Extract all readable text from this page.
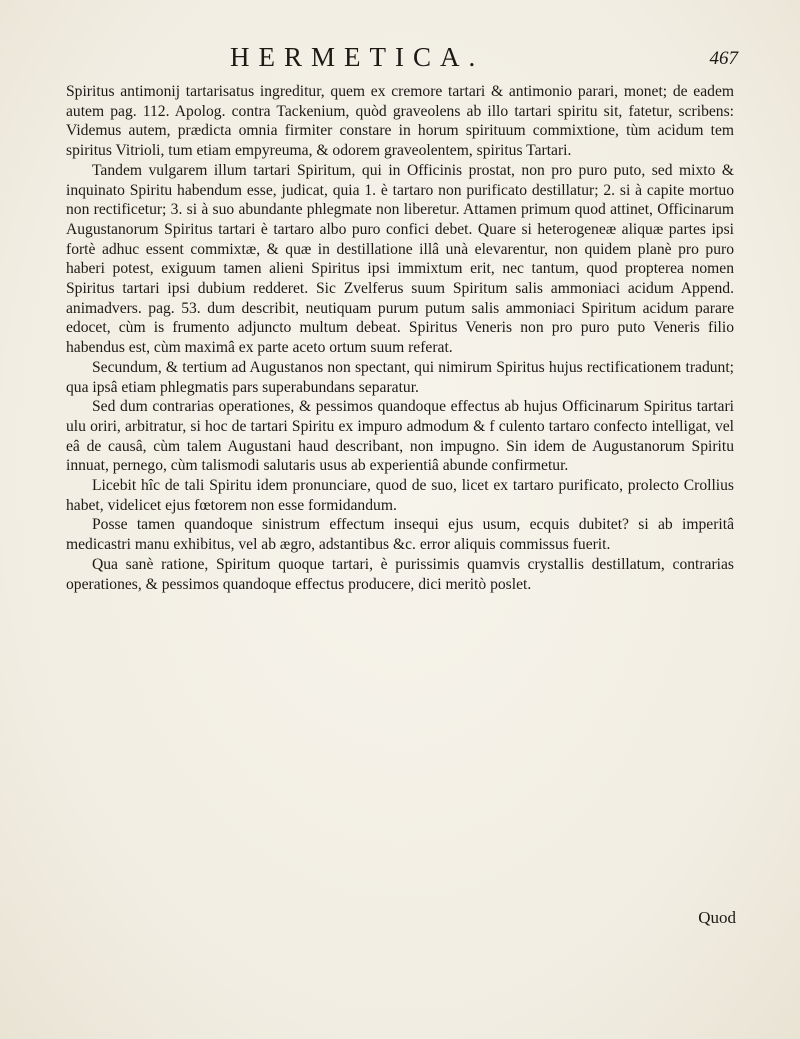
HERMETICA.	467

Spiritus antimonij tartarisatus ingreditur, quem ex cremore tartari & antimonio parari, monet; de eadem autem pag. 112. Apolog. contra Tackenium, quòd graveolens ab illo tartari spiritu sit, fatetur, scribens: Videmus autem, prædicta omnia firmiter constare in horum spirituum commixtione, tùm acidum tem spiritus Vitrioli, tum etiam empyreuma, & odorem graveolentem, spiritus Tartari.

Tandem vulgarem illum tartari Spiritum, qui in Officinis prostat, non pro puro puto, sed mixto & inquinato Spiritu habendum esse, judicat, quia 1. è tartaro non purificato destillatur; 2. si à capite mortuo non rectificetur; 3. si à suo abundante phlegmate non liberetur. Attamen primum quod attinet, Officinarum Augustanorum Spiritus tartari è tartaro albo puro confici debet. Quare si heterogeneæ aliquæ partes ipsi fortè adhuc essent commixtæ, & quæ in destillatione illâ unà elevarentur, non quidem planè pro puro haberi potest, exiguum tamen alieni Spiritus ipsi immixtum erit, nec tantum, quod propterea nomen Spiritus tartari ipsi dubium redderet. Sic Zvelferus suum Spiritum salis ammoniaci acidum Append. animadvers. pag. 53. dum describit, neutiquam purum putum salis ammoniaci Spiritum acidum parare edocet, cùm is frumento adjuncto multum debeat. Spiritus Veneris non pro puro puto Veneris filio habendus est, cùm maximâ ex parte aceto ortum suum referat.

Secundum, & tertium ad Augustanos non spectant, qui nimirum Spiritus hujus rectificationem tradunt; qua ipsâ etiam phlegmatis pars superabundans separatur.

Sed dum contrarias operationes, & pessimos quandoque effectus ab hujus Officinarum Spiritus tartari ulu oriri, arbitratur, si hoc de tartari Spiritu ex impuro admodum & f culento tartaro confecto intelligat, vel eâ de causâ, cùm talem Augustani haud describant, non impugno. Sin idem de Augustanorum Spiritu innuat, pernego, cùm talismodi salutaris usus ab experientiâ abunde confirmetur.

Licebit hîc de tali Spiritu idem pronunciare, quod de suo, licet ex tartaro purificato, prolecto Crollius habet, videlicet ejus fœtorem non esse formidandum.

Posse tamen quandoque sinistrum effectum insequi ejus usum, ecquis dubitet? si ab imperitâ medicastri manu exhibitus, vel ab ægro, adstantibus &c. error aliquis commissus fuerit.

Qua sanè ratione, Spiritum quoque tartari, è purissimis quamvis crystallis destillatum, contrarias operationes, & pessimos quandoque effectus producere, dici meritò poslet.

Quod
